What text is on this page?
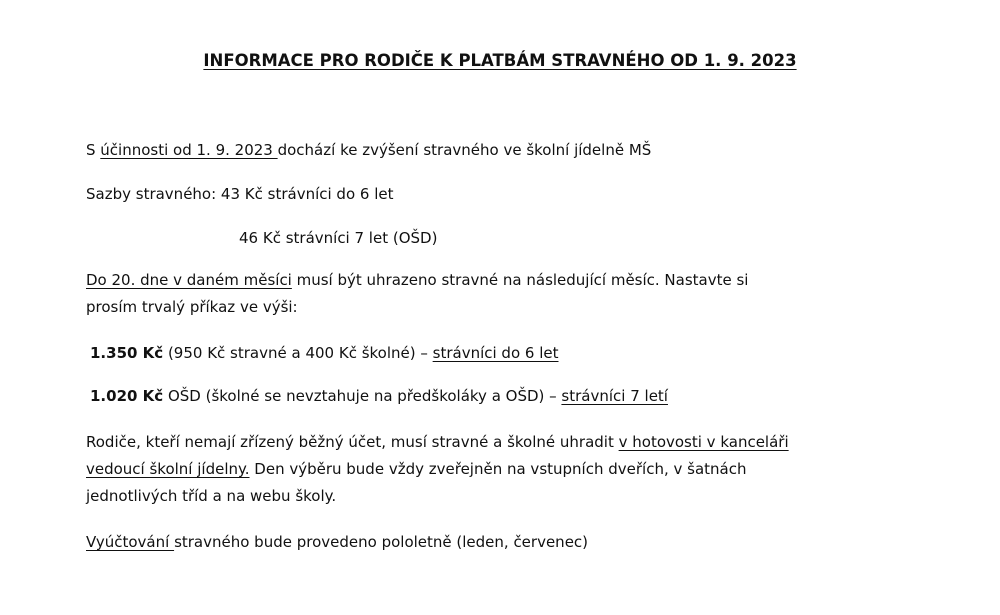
INFORMACE PRO RODIČE K PLATBÁM STRAVNÉHO OD 1. 9. 2023
S účinnosti od 1. 9. 2023 dochází ke zvýšení stravného ve školní jídelně MŠ
Sazby stravného: 43 Kč strávníci do 6 let
46 Kč strávníci 7 let (OŠD)
Do 20. dne v daném měsíci musí být uhrazeno stravné na následující měsíc. Nastavte si
prosím trvalý příkaz ve výši:
1.350 Kč (950 Kč stravné a 400 Kč školné) – strávníci do 6 let
1.020 Kč OŠD (školné se nevztahuje na předškoláky a OŠD) – strávníci 7 letí
Rodiče, kteří nemají zřízený běžný účet, musí stravné a školné uhradit v hotovosti v kanceláři
vedoucí školní jídelny. Den výběru bude vždy zveřejněn na vstupních dveřích, v šatnách
jednotlivých tříd a na webu školy.
Vyúčtování stravného bude provedeno pololetně (leden, červenec)
